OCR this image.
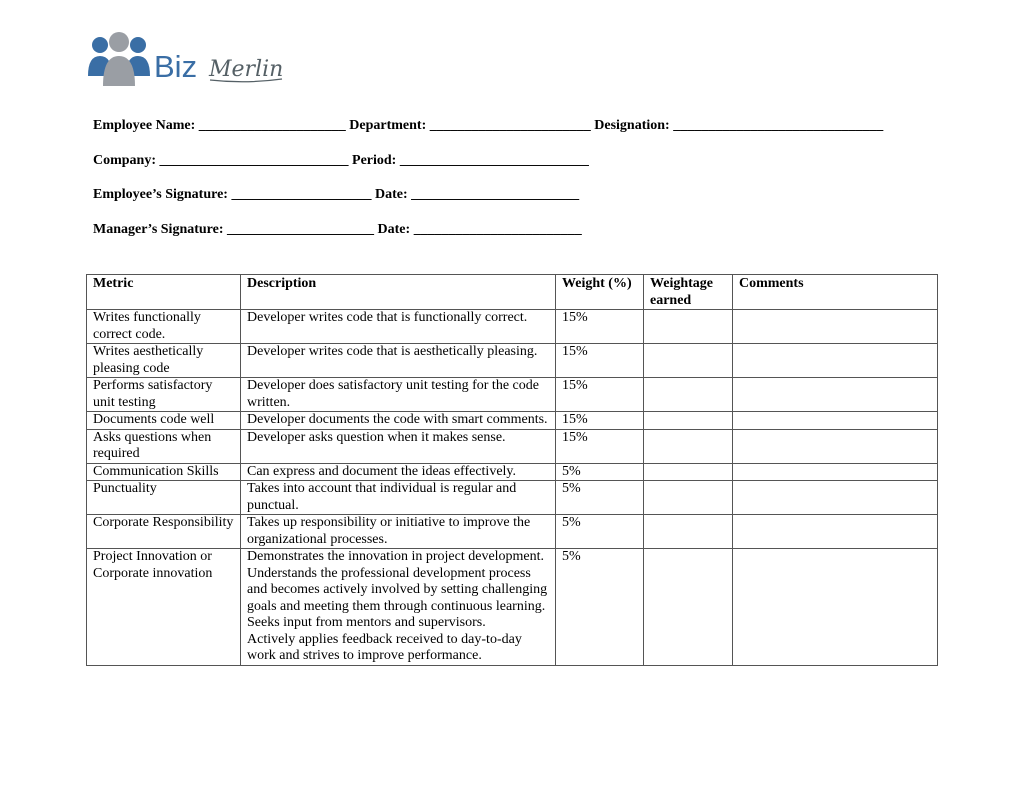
Biz Merlin
Employee Name: _____________________ Department: _______________________ Designation: ______________________________
Company: ___________________________ Period: ___________________________
Employee’s Signature: ____________________ Date: ________________________
Manager’s Signature: _____________________ Date: ________________________
Metric	Description	Weight (%)	Weightage earned	Comments
Writes functionally correct code.	Developer writes code that is functionally correct.	15%		
Writes aesthetically pleasing code	Developer writes code that is aesthetically pleasing.	15%		
Performs satisfactory unit testing	Developer does satisfactory unit testing for the code written.	15%		
Documents code well	Developer documents the code with smart comments.	15%		
Asks questions when required	Developer asks question when it makes sense.	15%		
Communication Skills	Can express and document the ideas effectively.	5%		
Punctuality	Takes into account that individual is regular and punctual.	5%		
Corporate Responsibility	Takes up responsibility or initiative to improve the organizational processes.	5%		
Project Innovation or Corporate innovation	Demonstrates the innovation in project development.
Understands the professional development process and becomes actively involved by setting challenging goals and meeting them through continuous learning.
Seeks input from mentors and supervisors.
Actively applies feedback received to day-to-day work and strives to improve performance.	5%		
